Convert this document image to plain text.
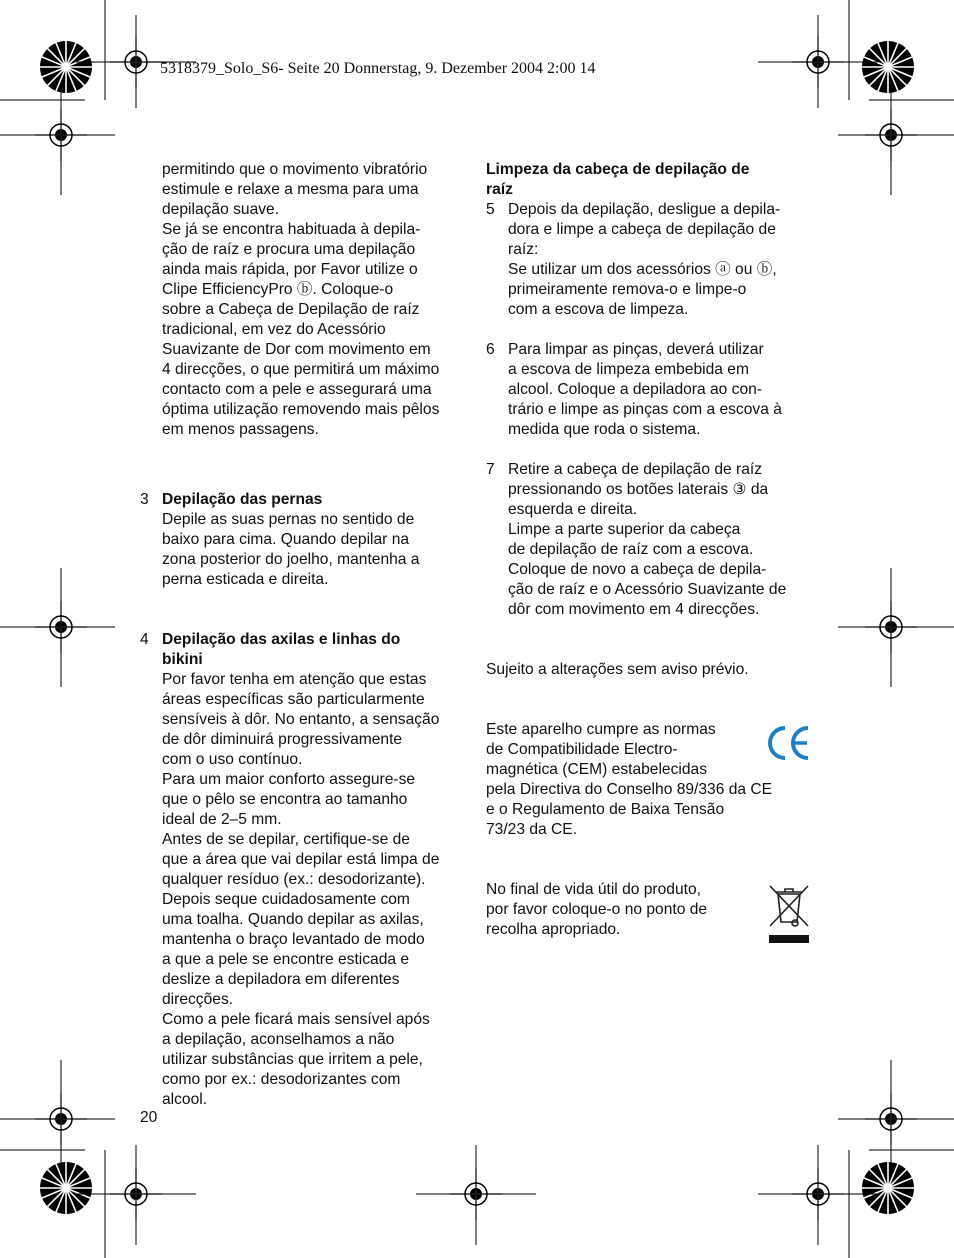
5318379_Solo_S6- Seite 20 Donnerstag, 9. Dezember 2004 2:00 14

permitindo que o movimento vibratório
estimule e relaxe a mesma para uma
depilação suave.
Se já se encontra habituada à depila-
ção de raíz e procura uma depilação
ainda mais rápida, por Favor utilize o
Clipe EfficiencyPro ⓑ. Coloque-o
sobre a Cabeça de Depilação de raíz
tradicional, em vez do Acessório
Suavizante de Dor com movimento em
4 direcções, o que permitirá um máximo
contacto com a pele e assegurará uma
óptima utilização removendo mais pêlos
em menos passagens.

3 Depilação das pernas

Depile as suas pernas no sentido de
baixo para cima. Quando depilar na
zona posterior do joelho, mantenha a
perna esticada e direita.

4 Depilação das axilas e linhas do
bikini

Por favor tenha em atenção que estas
áreas específicas são particularmente
sensíveis à dôr. No entanto, a sensação
de dôr diminuirá progressivamente
com o uso contínuo.
Para um maior conforto assegure-se
que o pêlo se encontra ao tamanho
ideal de 2–5 mm.
Antes de se depilar, certifique-se de
que a área que vai depilar está limpa de
qualquer resíduo (ex.: desodorizante).
Depois seque cuidadosamente com
uma toalha. Quando depilar as axilas,
mantenha o braço levantado de modo
a que a pele se encontre esticada e
deslize a depiladora em diferentes
direcções.
Como a pele ficará mais sensível após
a depilação, aconselhamos a não
utilizar substâncias que irritem a pele,
como por ex.: desodorizantes com
alcool.

20

Limpeza da cabeça de depilação de
raíz

5 Depois da depilação, desligue a depila-
dora e limpe a cabeça de depilação de
raíz:
Se utilizar um dos acessórios ⓐ ou ⓑ,
primeiramente remova-o e limpe-o
com a escova de limpeza.

6 Para limpar as pinças, deverá utilizar
a escova de limpeza embebida em
alcool. Coloque a depiladora ao con-
trário e limpe as pinças com a escova à
medida que roda o sistema.

7 Retire a cabeça de depilação de raíz
pressionando os botões laterais ③ da
esquerda e direita.
Limpe a parte superior da cabeça
de depilação de raíz com a escova.
Coloque de novo a cabeça de depila-
ção de raíz e o Acessório Suavizante de
dôr com movimento em 4 direcções.

Sujeito a alterações sem aviso prévio.

Este aparelho cumpre as normas
de Compatibilidade Electro-
magnética (CEM) estabelecidas

pela Directiva do Conselho 89/336 da CE
e o Regulamento de Baixa Tensão
73/23 da CE.

No final de vida útil do produto,
por favor coloque-o no ponto de
recolha apropriado.
